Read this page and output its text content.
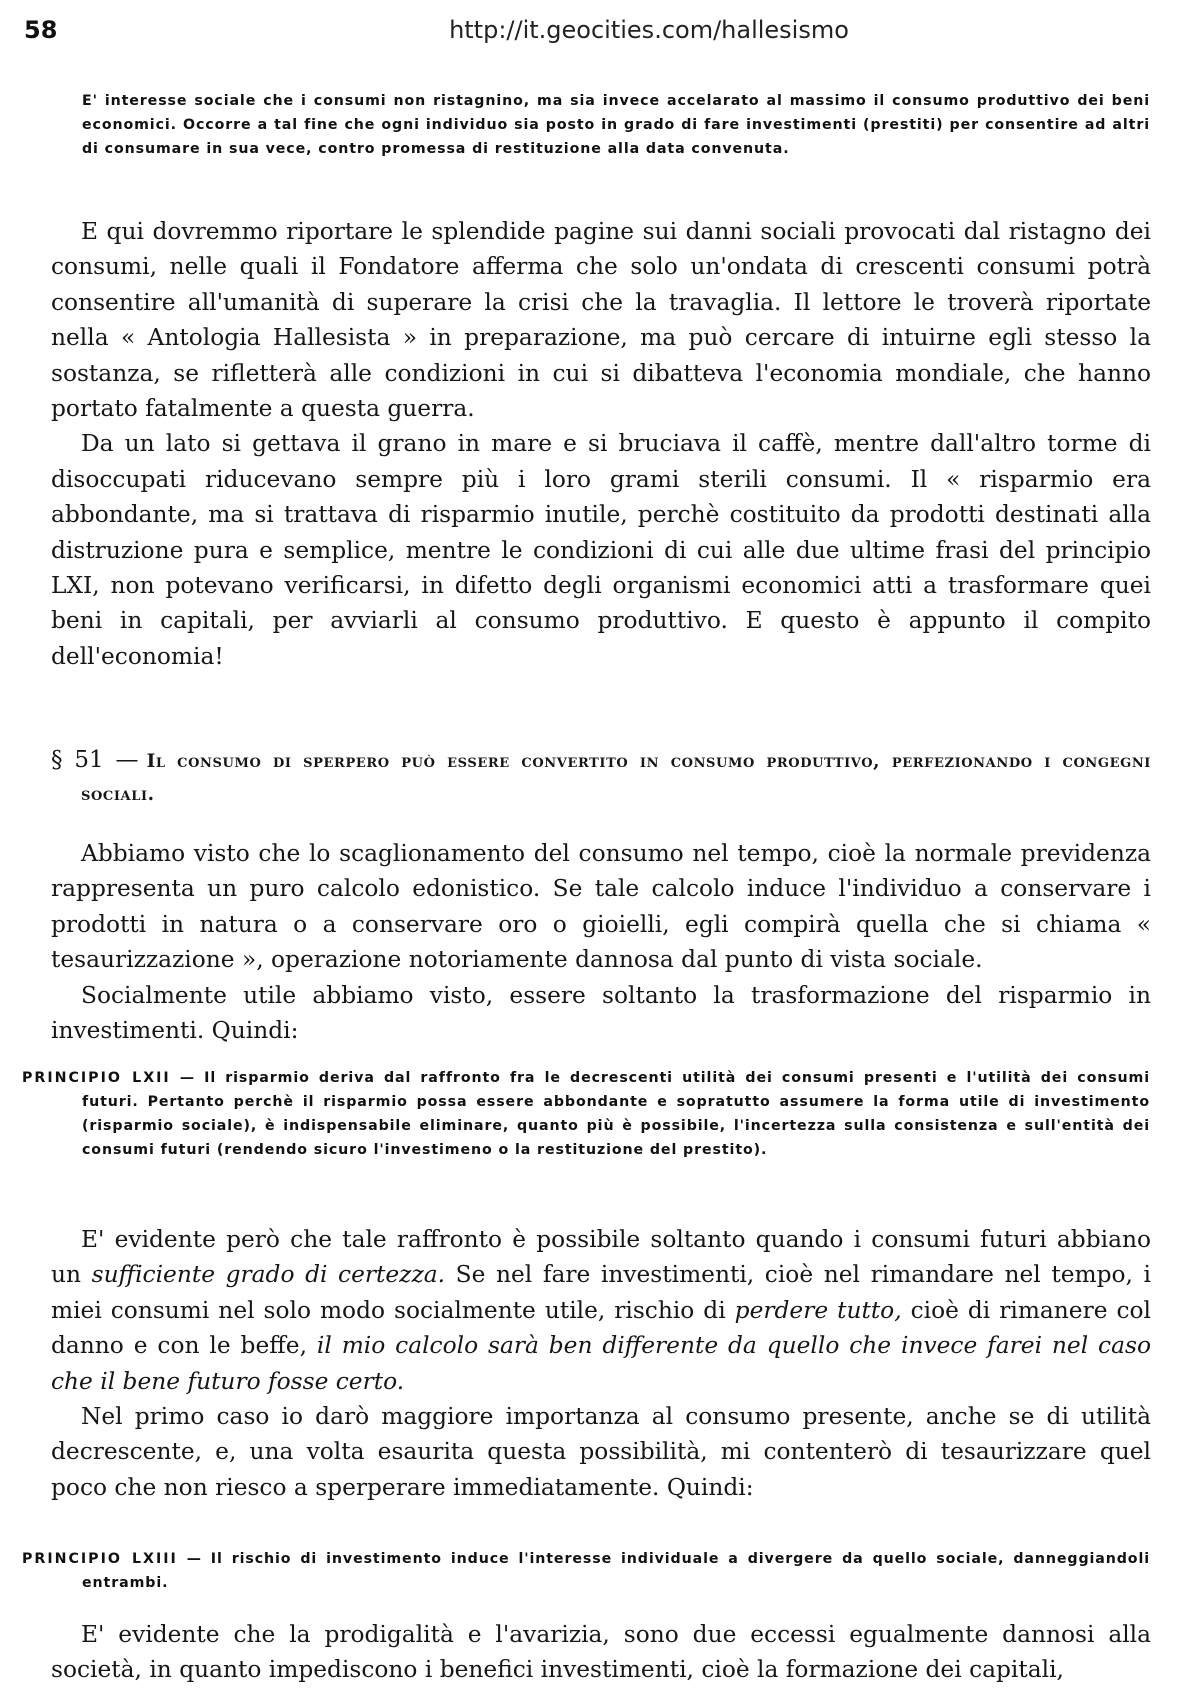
58	http://it.geocities.com/hallesismo
E' interesse sociale che i consumi non ristagnino, ma sia invece accelarato al massimo il consumo produttivo dei beni economici. Occorre a tal fine che ogni individuo sia posto in grado di fare investimenti (prestiti) per consentire ad altri di consumare in sua vece, contro promessa di restituzione alla data convenuta.

E qui dovremmo riportare le splendide pagine sui danni sociali provocati dal ristagno dei consumi, nelle quali il Fondatore afferma che solo un'ondata di crescenti consumi potrà consentire all'umanità di superare la crisi che la travaglia. Il lettore le troverà riportate nella « Antologia Hallesista » in preparazione, ma può cercare di intuirne egli stesso la sostanza, se rifletterà alle condizioni in cui si dibatteva l'economia mondiale, che hanno portato fatalmente a questa guerra.

Da un lato si gettava il grano in mare e si bruciava il caffè, mentre dall'altro torme di disoccupati riducevano sempre più i loro grami sterili consumi. Il « risparmio era abbondante, ma si trattava di risparmio inutile, perchè costituito da prodotti destinati alla distruzione pura e semplice, mentre le condizioni di cui alle due ultime frasi del principio LXI, non potevano verificarsi, in difetto degli organismi economici atti a trasformare quei beni in capitali, per avviarli al consumo produttivo. E questo è appunto il compito dell'economia!

§ 51 — Il consumo di sperpero può essere convertito in consumo produttivo, perfezionando i congegni sociali.

Abbiamo visto che lo scaglionamento del consumo nel tempo, cioè la normale previdenza rappresenta un puro calcolo edonistico. Se tale calcolo induce l'individuo a conservare i prodotti in natura o a conservare oro o gioielli, egli compirà quella che si chiama « tesaurizzazione », operazione notoriamente dannosa dal punto di vista sociale.

Socialmente utile abbiamo visto, essere soltanto la trasformazione del risparmio in investimenti. Quindi:

PRINCIPIO LXII — Il risparmio deriva dal raffronto fra le decrescenti utilità dei consumi presenti e l'utilità dei consumi futuri. Pertanto perchè il risparmio possa essere abbondante e sopratutto assumere la forma utile di investimento (risparmio sociale), è indispensabile eliminare, quanto più è possibile, l'incertezza sulla consistenza e sull'entità dei consumi futuri (rendendo sicuro l'investimeno o la restituzione del prestito).

E' evidente però che tale raffronto è possibile soltanto quando i consumi futuri abbiano un sufficiente grado di certezza. Se nel fare investimenti, cioè nel rimandare nel tempo, i miei consumi nel solo modo socialmente utile, rischio di perdere tutto, cioè di rimanere col danno e con le beffe, il mio calcolo sarà ben differente da quello che invece farei nel caso che il bene futuro fosse certo.

Nel primo caso io darò maggiore importanza al consumo presente, anche se di utilità decrescente, e, una volta esaurita questa possibilità, mi contenterò di tesaurizzare quel poco che non riesco a sperperare immediatamente. Quindi:

PRINCIPIO LXIII — Il rischio di investimento induce l'interesse individuale a divergere da quello sociale, danneggiandoli entrambi.

E' evidente che la prodigalità e l'avarizia, sono due eccessi egualmente dannosi alla società, in quanto impediscono i benefici investimenti, cioè la formazione dei capitali,
